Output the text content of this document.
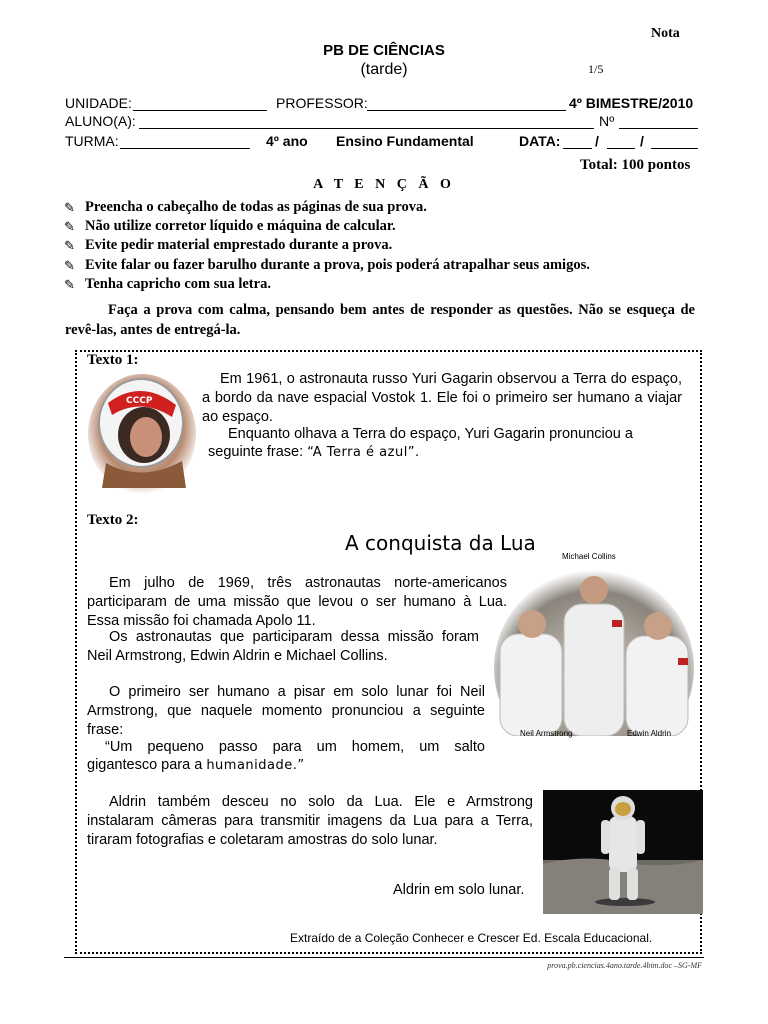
Nota
PB DE CIÊNCIAS
(tarde)	1/5
UNIDADE:	PROFESSOR:	4º BIMESTRE/2010
ALUNO(A):	Nº
TURMA:	4º ano Ensino Fundamental	DATA: /	/
Total: 100 pontos
A T E N Ç Ã O
✎ Preencha o cabeçalho de todas as páginas de sua prova.
✎ Não utilize corretor líquido e máquina de calcular.
✎ Evite pedir material emprestado durante a prova.
✎ Evite falar ou fazer barulho durante a prova, pois poderá atrapalhar seus amigos.
✎ Tenha capricho com sua letra.
Faça a prova com calma, pensando bem antes de responder as questões. Não se esqueça de revê-las, antes de entregá-la.
Texto 1:
CCCP
Em 1961, o astronauta russo Yuri Gagarin observou a Terra do espaço, a bordo da nave espacial Vostok 1. Ele foi o primeiro ser humano a viajar ao espaço.
Enquanto olhava a Terra do espaço, Yuri Gagarin pronunciou a
seguinte frase: “A Terra é azul”.
Texto 2:
A conquista da Lua
Michael Collins
Neil Armstrong	Edwin Aldrin
Em julho de 1969, três astronautas norte-americanos participaram de uma missão que levou o ser humano à Lua. Essa missão foi chamada Apolo 11.
Os astronautas que participaram dessa missão foram Neil Armstrong, Edwin Aldrin e Michael Collins.
O primeiro ser humano a pisar em solo lunar foi Neil Armstrong, que naquele momento pronunciou a seguinte frase:
“Um pequeno passo para um homem, um salto
gigantesco para a humanidade.”
Aldrin também desceu no solo da Lua. Ele e Armstrong instalaram câmeras para transmitir imagens da Lua para a Terra, tiraram fotografias e coletaram amostras do solo lunar.
Aldrin em solo lunar.
Extraído de a Coleção Conhecer e Crescer Ed. Escala Educacional.
prova.pb.ciencias.4ano.tarde.4bim.doc –SG-MF
